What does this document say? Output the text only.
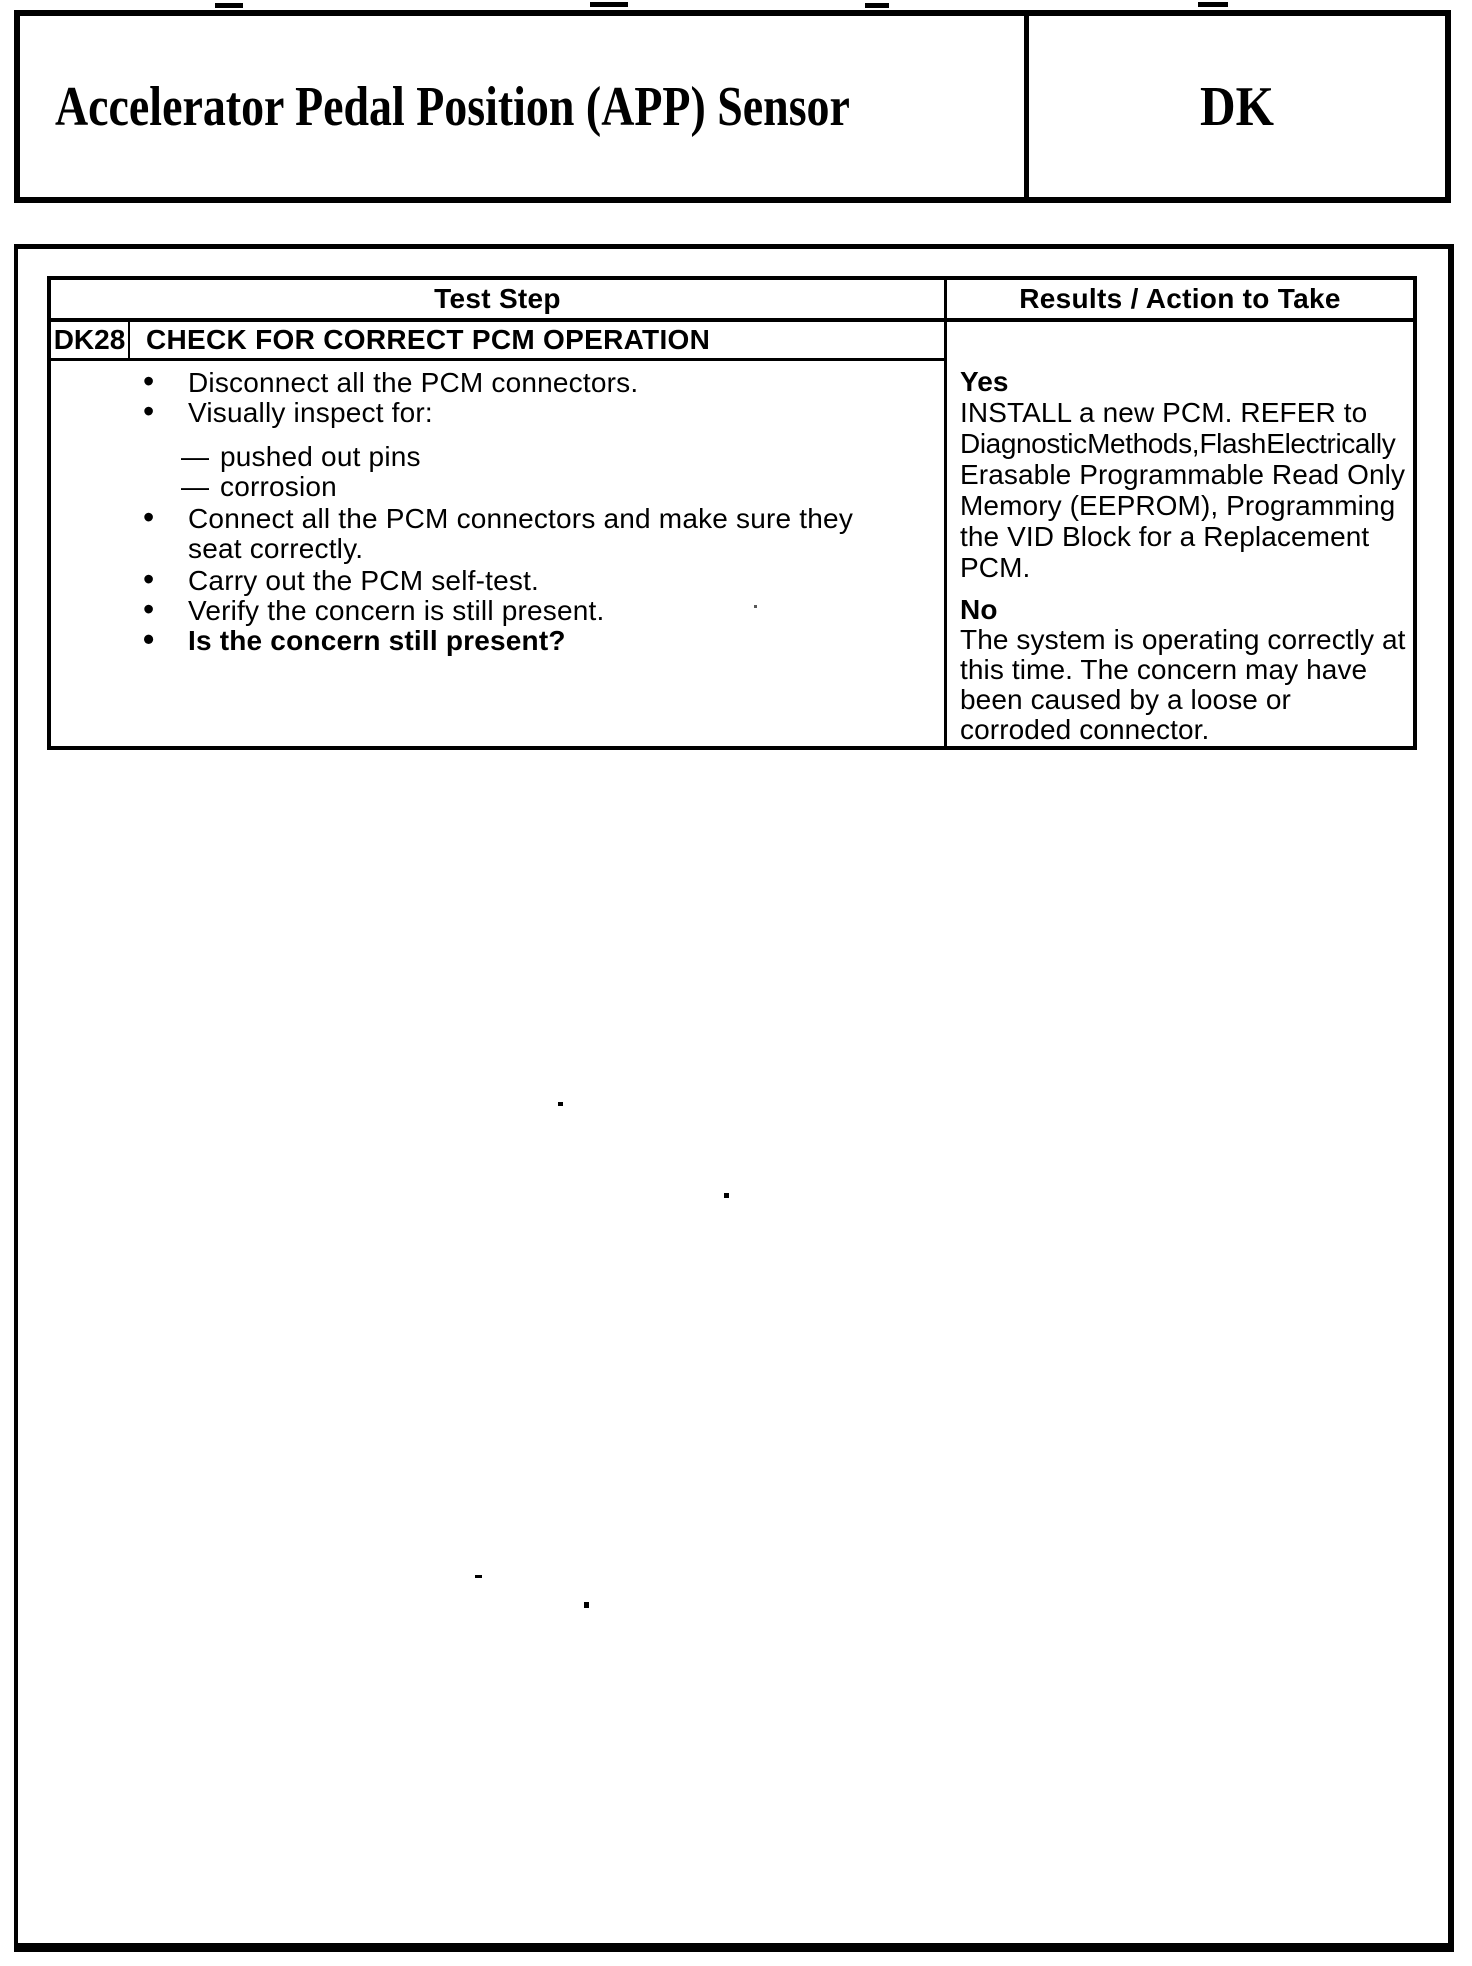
Accelerator Pedal Position (APP) Sensor	DK
Test Step
DK28 CHECK FOR CORRECT PCM OPERATION
• Disconnect all the PCM connectors.
• Visually inspect for:
— pushed out pins
— corrosion
• Connect all the PCM connectors and make sure they
seat correctly.
• Carry out the PCM self-test.
• Verify the concern is still present.
• Is the concern still present?
Results / Action to Take
Yes
INSTALL a new PCM. REFER to
Diagnostic Methods, Flash Electrically
Erasable Programmable Read Only
Memory (EEPROM), Programming
the VID Block for a Replacement
PCM.
No
The system is operating correctly at
this time. The concern may have
been caused by a loose or
corroded connector.
